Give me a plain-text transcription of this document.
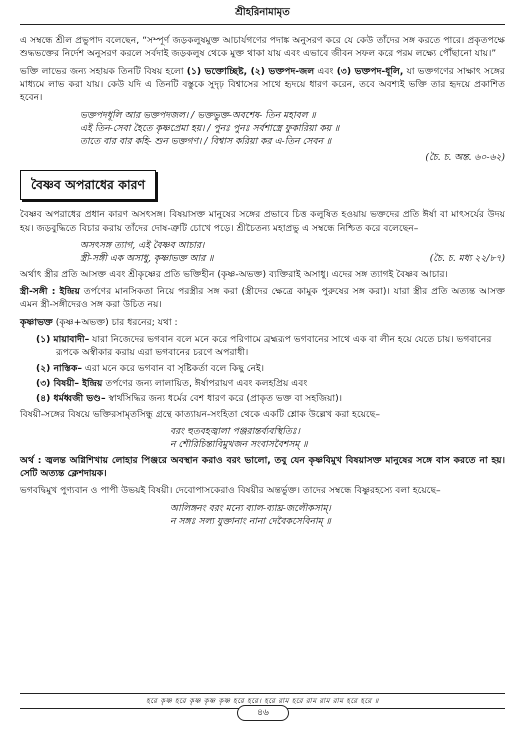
শ্রীহরিনামামৃত

এ সম্বন্ধে শ্রীল প্রভুপাদ বলেছেন, “সম্পূর্ণ জড়কলুষমুক্ত আচার্যগণের পদাঙ্ক অনুসরণ করে যে কেউ তাঁদের সঙ্গ করতে পারে। প্রকৃতপক্ষে শুদ্ধভক্তের নির্দেশ অনুসরণ করলে সর্বদাই জড়কলুষ থেকে মুক্ত থাকা যায় এবং এভাবে জীবন সফল করে পরম লক্ষ্যে পৌঁছানো যায়।”

ভক্তি লাভের জন্য সহায়ক তিনটি বিষয় হলো (১) ভক্তোচ্ছিষ্ট, (২) ভক্তপদ-জল এবং (৩) ভক্তপদ-ধূলি, যা ভক্তগণের সাক্ষাৎ সঙ্গের মাধ্যমে লাভ করা যায়। কেউ যদি এ তিনটি বস্তুকে সুদৃঢ় বিশ্বাসের সাথে হৃদয়ে ধারণ করেন, তবে অবশ্যই ভক্তি তার হৃদয়ে প্রকাশিত হবেন।

ভক্তপদধূলি আর ভক্তপদজল। / ভক্তভুক্ত-অবশেষ- তিন মহাবল ॥
এই তিন-সেবা হৈতে কৃষ্ণপ্রেমা হয়। / পুনঃ পুনঃ সর্বশাস্ত্রে ফুকারিয়া কয় ॥
তাতে বার বার কহি- শুন ভক্তগণ। / বিশ্বাস করিয়া কর এ-তিন সেবন ॥
(চৈ. চ. অন্ত. ৬০-৬২)
বৈষ্ণব অপরাধের কারণ

বৈষ্ণব অপরাধের প্রধান কারণ অসৎসঙ্গ। বিষয়াসক্ত মানুষের সঙ্গের প্রভাবে চিত্ত কলুষিত হওয়ায় ভক্তদের প্রতি ঈর্ষা বা মাৎসর্যের উদয় হয়। জড়বুদ্ধিতে বিচার করায় তাঁদের দোষ-ত্রুটি চোখে পড়ে। শ্রীচৈতন্য মহাপ্রভু এ সম্বন্ধে নিশ্চিত করে বলেছেন–

অসৎসঙ্গ ত্যাগ, এই বৈষ্ণব আচার।
স্ত্রী-সঙ্গী এক অসাধু, কৃষ্ণাভক্ত আর ॥	(চৈ. চ. মধ্য ২২/৮৭)

অর্থাৎ স্ত্রীর প্রতি আসক্ত এবং শ্রীকৃষ্ণের প্রতি ভক্তিহীন (কৃষ্ণ-অভক্ত) ব্যক্তিরাই অসাধু। এদের সঙ্গ ত্যাগই বৈষ্ণব আচার।

স্ত্রী-সঙ্গী : ইন্দ্রিয় তর্পণের মানসিকতা নিয়ে পরস্ত্রীর সঙ্গ করা (স্ত্রীদের ক্ষেত্রে কামুক পুরুষের সঙ্গ করা)। যারা স্ত্রীর প্রতি অত্যন্ত আসক্ত এমন স্ত্রী-সঙ্গীদেরও সঙ্গ করা উচিত নয়।

কৃষ্ণাভক্ত (কৃষ্ণ+অভক্ত) চার ধরনের; যথা :

(১) মায়াবাদী– যারা নিজেদের ভগবান বলে মনে করে পরিণামে ব্রহ্মরূপ ভগবানের সাথে এক বা লীন হয়ে যেতে চায়। ভগবানের রূপকে অস্বীকার করায় এরা ভগবানের চরণে অপরাধী।
(২) নাস্তিক– এরা মনে করে ভগবান বা সৃষ্টিকর্তা বলে কিছু নেই।
(৩) বিষয়ী– ইন্দ্রিয় তর্পণের জন্য লালায়িত, ঈর্ষাপরায়ণ এবং কলহপ্রিয় এবং
(৪) ধর্মধ্বজী ভণ্ড– স্বার্থসিদ্ধির জন্য ধর্মের বেশ ধারণ করে (প্রাকৃত ভক্ত বা সহজিয়া)।

বিষয়ী-সঙ্গের বিষয়ে ভক্তিরসামৃতসিন্ধু গ্রন্থে কাত্যায়ন-সংহিতা থেকে একটি শ্লোক উল্লেখ করা হয়েছে–

বরং হুতবহজ্বালা পঞ্জরান্তর্ব্যবস্থিতিঃ।
ন শৌরিচিন্তাবিমুখজন সংবাসবৈশসম্ ॥

অর্থ : জ্বলন্ত অগ্নিশিখায় লোহার পিঞ্জরে অবস্থান করাও বরং ভালো, তবু যেন কৃষ্ণবিমুখ বিষয়াসক্ত মানুষের সঙ্গে বাস করতে না হয়। সেটি অত্যন্ত ক্লেশদায়ক।

ভগবদ্বিমুখ পুণ্যবান ও পাপী উভয়ই বিষয়ী। দেবোপাসকেরাও বিষয়ীর অন্তর্ভুক্ত। তাদের সম্বন্ধে বিষ্ণুরহস্যে বলা হয়েছে–

আলিঙ্গনং বরং মন্যে ব্যাল-ব্যাঘ্র-জলৌকসাম্।
ন সঙ্গঃ সল্য যুক্তানাং নানা দেবৈকসেবিনাম্ ॥
হরে কৃষ্ণ হরে কৃষ্ণ কৃষ্ণ কৃষ্ণ হরে হরে। হরে রাম হরে রাম রাম রাম হরে হরে ॥
৪৬
